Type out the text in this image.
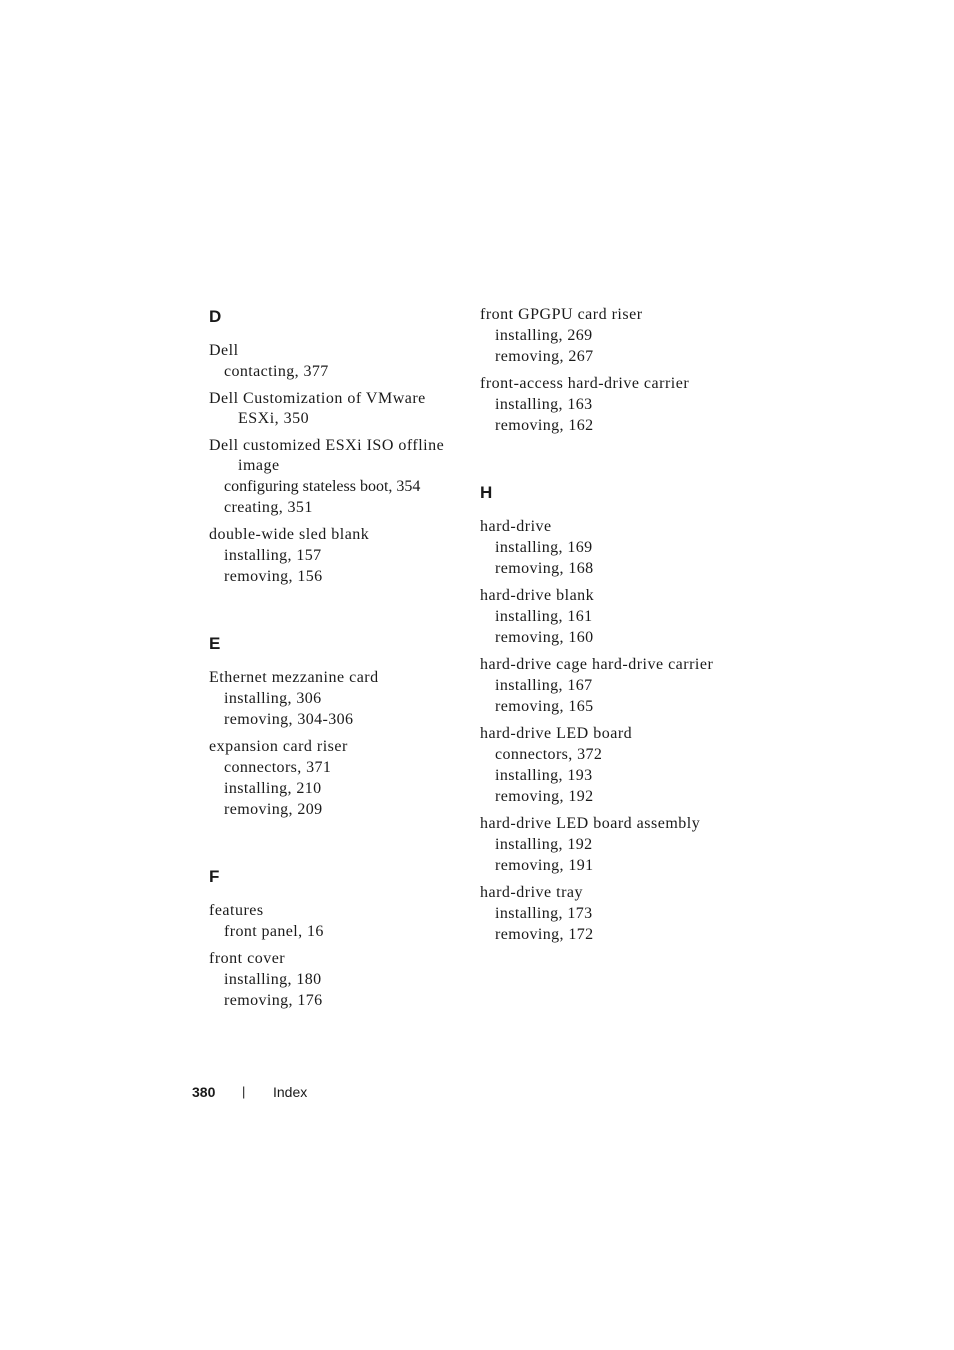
D
Dell
contacting, 377
Dell Customization of VMware ESXi, 350
Dell customized ESXi ISO offline image
configuring stateless boot, 354
creating, 351
double-wide sled blank
installing, 157
removing, 156
E
Ethernet mezzanine card
installing, 306
removing, 304-306
expansion card riser
connectors, 371
installing, 210
removing, 209
F
features
front panel, 16
front cover
installing, 180
removing, 176
front GPGPU card riser
installing, 269
removing, 267
front-access hard-drive carrier
installing, 163
removing, 162
H
hard-drive
installing, 169
removing, 168
hard-drive blank
installing, 161
removing, 160
hard-drive cage hard-drive carrier
installing, 167
removing, 165
hard-drive LED board
connectors, 372
installing, 193
removing, 192
hard-drive LED board assembly
installing, 192
removing, 191
hard-drive tray
installing, 173
removing, 172
380	|	Index
